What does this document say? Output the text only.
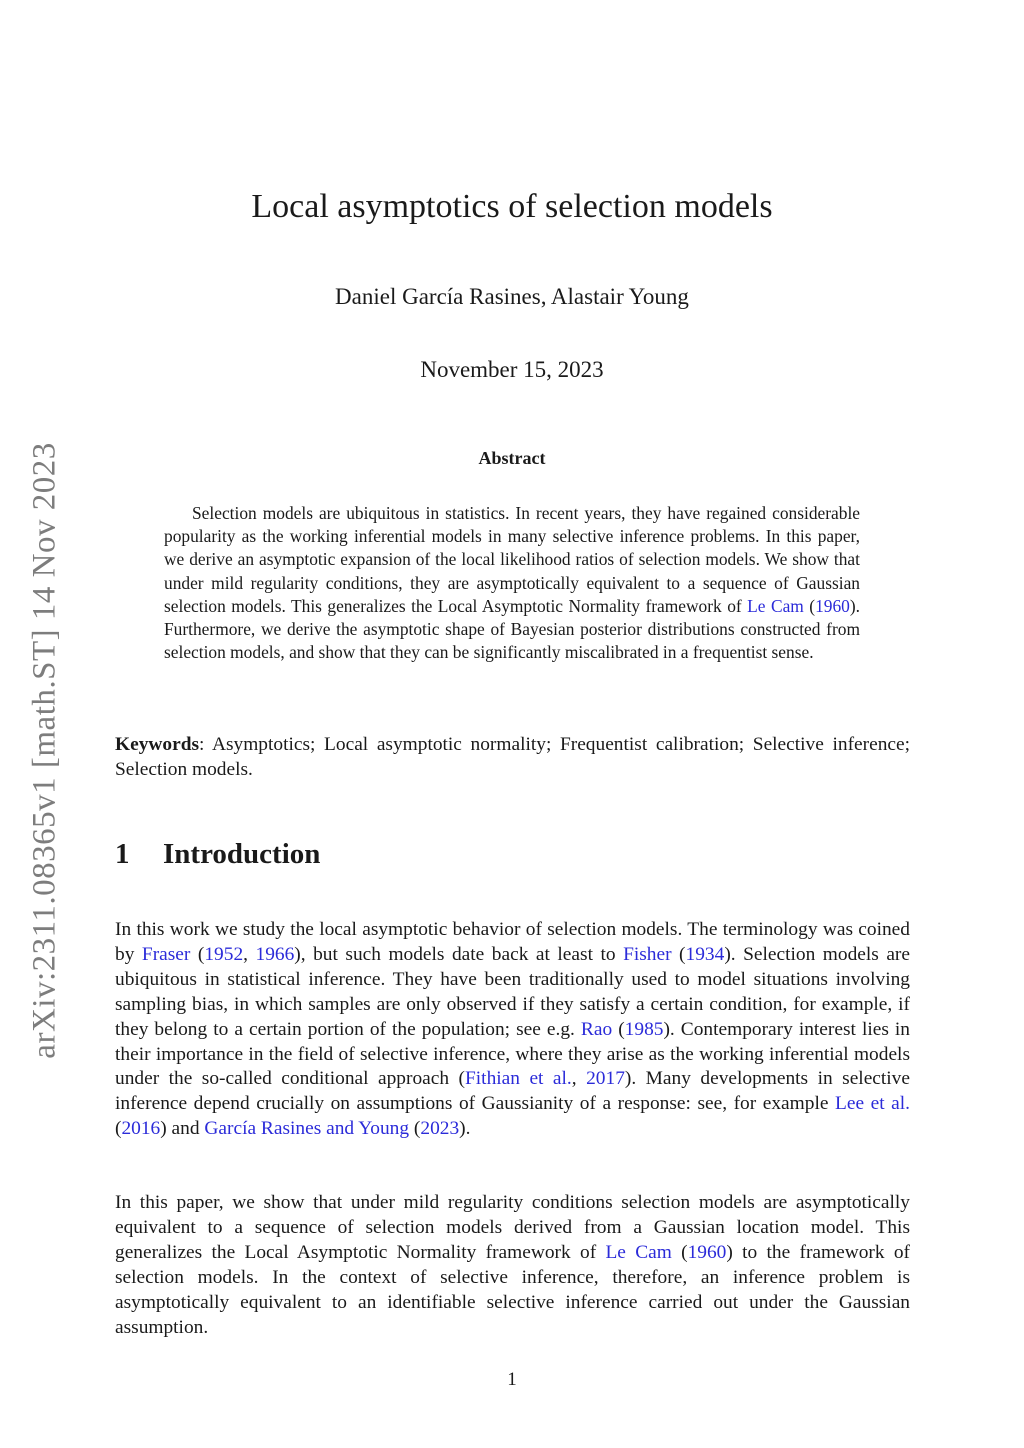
arXiv:2311.08365v1 [math.ST] 14 Nov 2023
Local asymptotics of selection models
Daniel García Rasines, Alastair Young
November 15, 2023
Abstract

Selection models are ubiquitous in statistics. In recent years, they have regained considerable popularity as the working inferential models in many selective inference problems. In this paper, we derive an asymptotic expansion of the local likelihood ratios of selection models. We show that under mild regularity conditions, they are asymptotically equivalent to a sequence of Gaussian selection models. This generalizes the Local Asymptotic Normality framework of Le Cam (1960). Furthermore, we derive the asymptotic shape of Bayesian posterior distributions constructed from selection models, and show that they can be significantly miscalibrated in a frequentist sense.

Keywords: Asymptotics; Local asymptotic normality; Frequentist calibration; Selective inference; Selection models.

1 Introduction

In this work we study the local asymptotic behavior of selection models. The terminology was coined by Fraser (1952, 1966), but such models date back at least to Fisher (1934). Selection models are ubiquitous in statistical inference. They have been traditionally used to model situations involving sampling bias, in which samples are only observed if they satisfy a certain condition, for example, if they belong to a certain portion of the population; see e.g. Rao (1985). Contemporary interest lies in their importance in the field of selective inference, where they arise as the working inferential models under the so-called conditional approach (Fithian et al., 2017). Many developments in selective inference depend crucially on assumptions of Gaussianity of a response: see, for example Lee et al. (2016) and García Rasines and Young (2023).

In this paper, we show that under mild regularity conditions selection models are asymptotically equivalent to a sequence of selection models derived from a Gaussian location model. This generalizes the Local Asymptotic Normality framework of Le Cam (1960) to the framework of selection models. In the context of selective inference, therefore, an inference problem is asymptotically equivalent to an identifiable selective inference carried out under the Gaussian assumption.

1
